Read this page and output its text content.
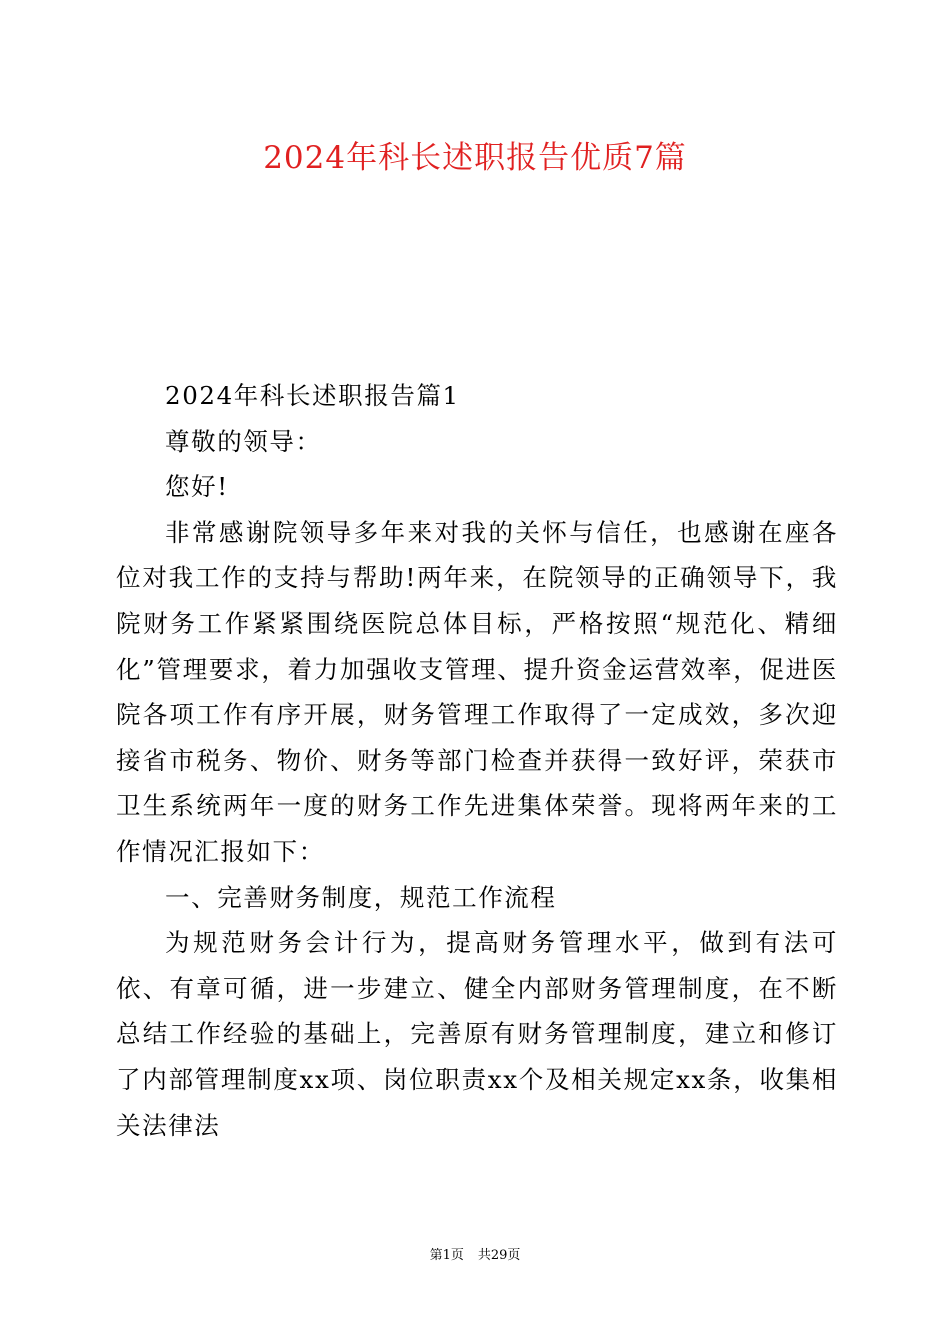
2024年科长述职报告优质7篇

2024年科长述职报告篇1

尊敬的领导：

您好!

非常感谢院领导多年来对我的关怀与信任，也感谢在座各位对我工作的支持与帮助!两年来，在院领导的正确领导下，我院财务工作紧紧围绕医院总体目标，严格按照“规范化、精细化”管理要求，着力加强收支管理、提升资金运营效率，促进医院各项工作有序开展，财务管理工作取得了一定成效，多次迎接省市税务、物价、财务等部门检查并获得一致好评，荣获市卫生系统两年一度的财务工作先进集体荣誉。现将两年来的工作情况汇报如下：

一、完善财务制度，规范工作流程

为规范财务会计行为，提高财务管理水平，做到有法可依、有章可循，进一步建立、健全内部财务管理制度，在不断总结工作经验的基础上，完善原有财务管理制度，建立和修订了内部管理制度xx项、岗位职责xx个及相关规定xx条，收集相关法律法

第1页 共29页
